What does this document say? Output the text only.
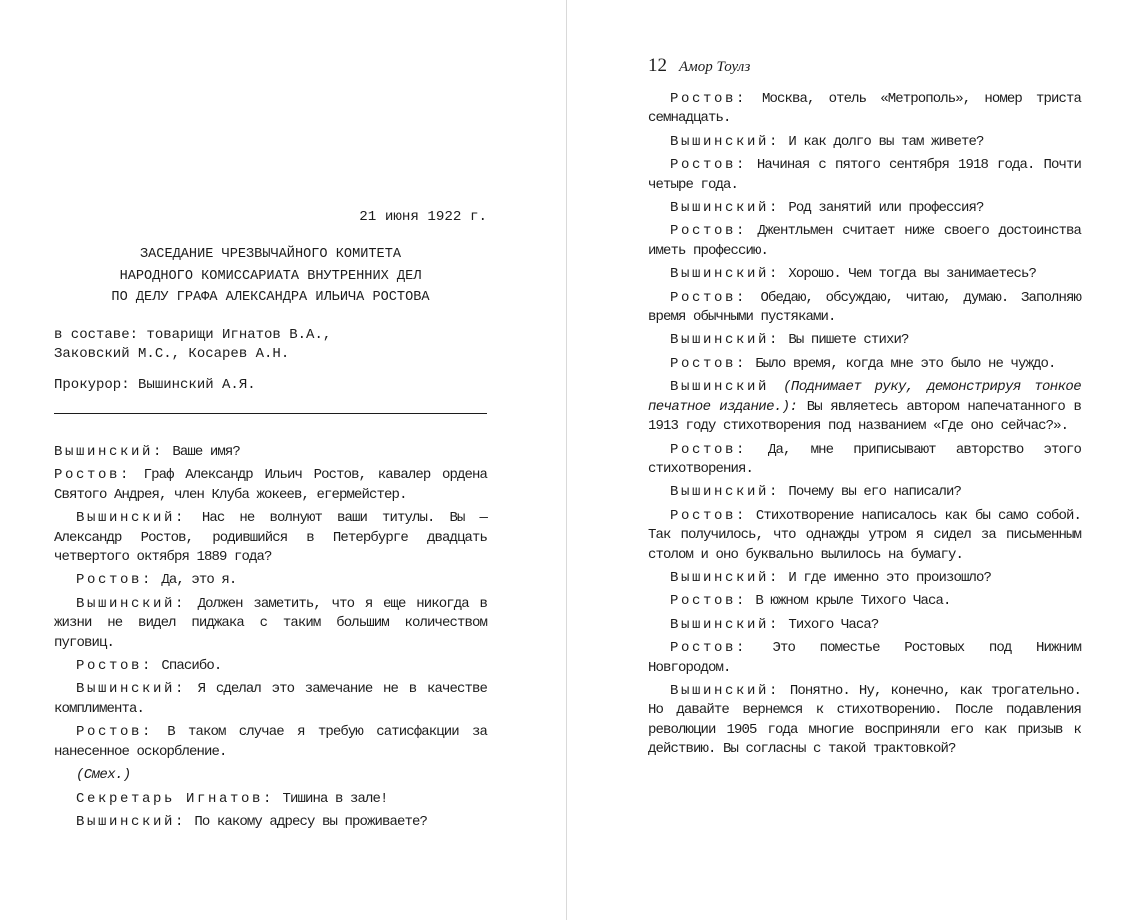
21 июня 1922 г.
ЗАСЕДАНИЕ ЧРЕЗВЫЧАЙНОГО КОМИТЕТА
НАРОДНОГО КОМИССАРИАТА ВНУТРЕННИХ ДЕЛ
ПО ДЕЛУ ГРАФА АЛЕКСАНДРА ИЛЬИЧА РОСТОВА
в составе: товарищи Игнатов В.А.,
Заковский М.С., Косарев А.Н.
Прокурор: Вышинский А.Я.

Вышинский: Ваше имя?

Ростов: Граф Александр Ильич Ростов, кавалер ордена Святого Андрея, член Клуба жокеев, егермейстер.

Вышинский: Нас не волнуют ваши титулы. Вы — Александр Ростов, родившийся в Петербурге двадцать четвертого октября 1889 года?

Ростов: Да, это я.

Вышинский: Должен заметить, что я еще никогда в жизни не видел пиджака с таким большим количеством пуговиц.

Ростов: Спасибо.

Вышинский: Я сделал это замечание не в качестве комплимента.

Ростов: В таком случае я требую сатисфакции за нанесенное оскорбление.

(Смех.)

Секретарь Игнатов: Тишина в зале!

Вышинский: По какому адресу вы проживаете?

12 Амор Тоулз

Ростов: Москва, отель «Метрополь», номер триста семнадцать.

Вышинский: И как долго вы там живете?

Ростов: Начиная с пятого сентября 1918 года. Почти четыре года.

Вышинский: Род занятий или профессия?

Ростов: Джентльмен считает ниже своего достоинства иметь профессию.

Вышинский: Хорошо. Чем тогда вы занимаетесь?

Ростов: Обедаю, обсуждаю, читаю, думаю. Заполняю время обычными пустяками.

Вышинский: Вы пишете стихи?

Ростов: Было время, когда мне это было не чуждо.

Вышинский (Поднимает руку, демонстрируя тонкое печатное издание.): Вы являетесь автором напечатанного в 1913 году стихотворения под названием «Где оно сейчас?».

Ростов: Да, мне приписывают авторство этого стихотворения.

Вышинский: Почему вы его написали?

Ростов: Стихотворение написалось как бы само собой. Так получилось, что однажды утром я сидел за письменным столом и оно буквально вылилось на бумагу.

Вышинский: И где именно это произошло?

Ростов: В южном крыле Тихого Часа.

Вышинский: Тихого Часа?

Ростов: Это поместье Ростовых под Нижним Новгородом.

Вышинский: Понятно. Ну, конечно, как трогательно. Но давайте вернемся к стихотворению. После подавления революции 1905 года многие восприняли его как призыв к действию. Вы согласны с такой трактовкой?
